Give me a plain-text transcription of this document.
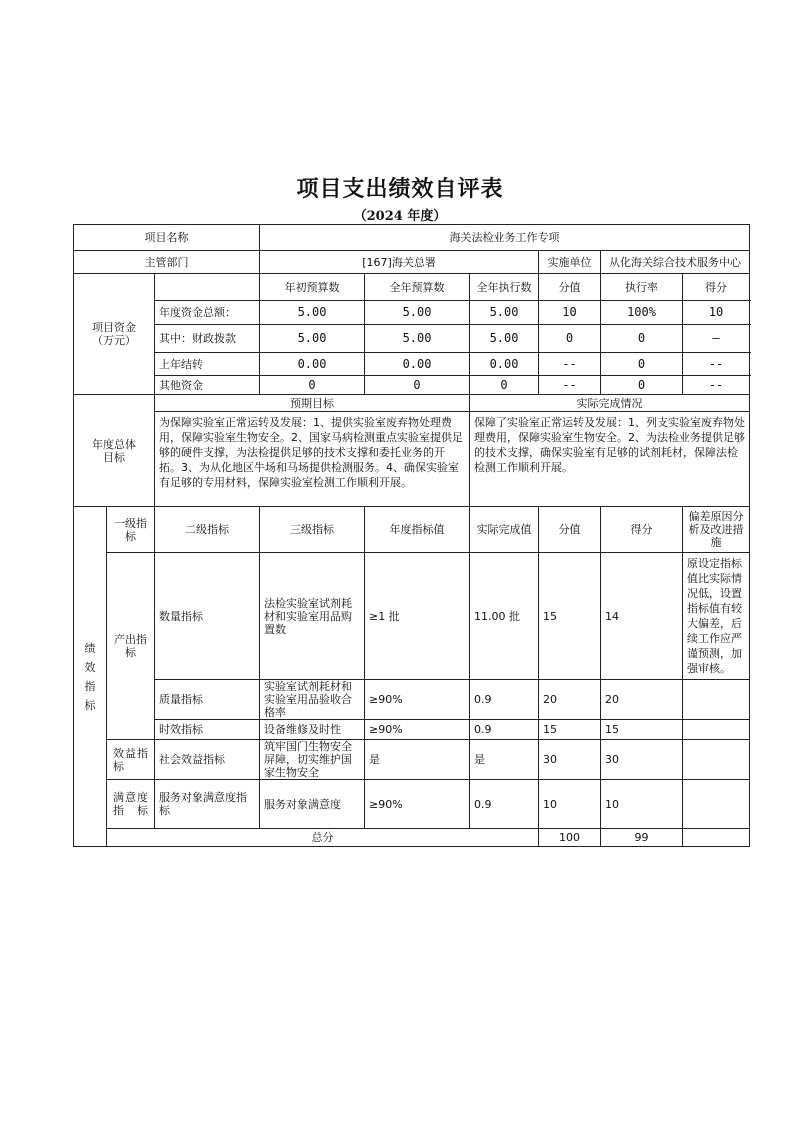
项目支出绩效自评表
（2024 年度）
项目名称			海关法检业务工作专项					
主管部门			[167]海关总署			实施单位	从化海关综合技术服务中心	

项目资金
（万元）			年初预算数	全年预算数	全年执行数	分值	执行率	得分
		年度资金总额：	5.00	5.00	5.00	10	100%	10
		其中：财政拨款	5.00	5.00	5.00	0	0	—
		上年结转	0.00	0.00	0.00	--	0	--
		其他资金	0	0	0	--	0	--

年度总体
目标		预期目标			实际完成情况			
		为保障实验室正常运转及发展：1、提供实验室废弃物处理费用，保障实验室生物安全。2、国家马病检测重点实验室提供足够的硬件支撑，为法检提供足够的技术支撑和委托业务的开拓。3、为从化地区牛场和马场提供检测服务。4、确保实验室有足够的专用材料，保障实验室检测工作顺利开展。			保障了实验室正常运转及发展：1、列支实验室废弃物处理费用，保障实验室生物安全。2、为法检业务提供足够的技术支撑，确保实验室有足够的试剂耗材，保障法检检测工作顺利开展。			

绩
效
指
标	一级指标	二级指标	三级指标	年度指标值	实际完成值	分值	得分	偏差原因分析及改进措施
	产出指标	数量指标	法检实验室试剂耗材和实验室用品购置数	≥1 批	11.00 批	15	14	原设定指标值比实际情况低，设置指标值有较大偏差，后续工作应严谨预测，加强审核。
		质量指标	实验室试剂耗材和实验室用品验收合格率	≥90%	0.9	20	20	
		时效指标	设备维修及时性	≥90%	0.9	15	15	

	效益指标	社会效益指标	筑牢国门生物安全屏障，切实维护国家生物安全	是	是	30	30	

	满意度指标	服务对象满意度指标	服务对象满意度	≥90%	0.9	10	10	
	总分					100	99	
